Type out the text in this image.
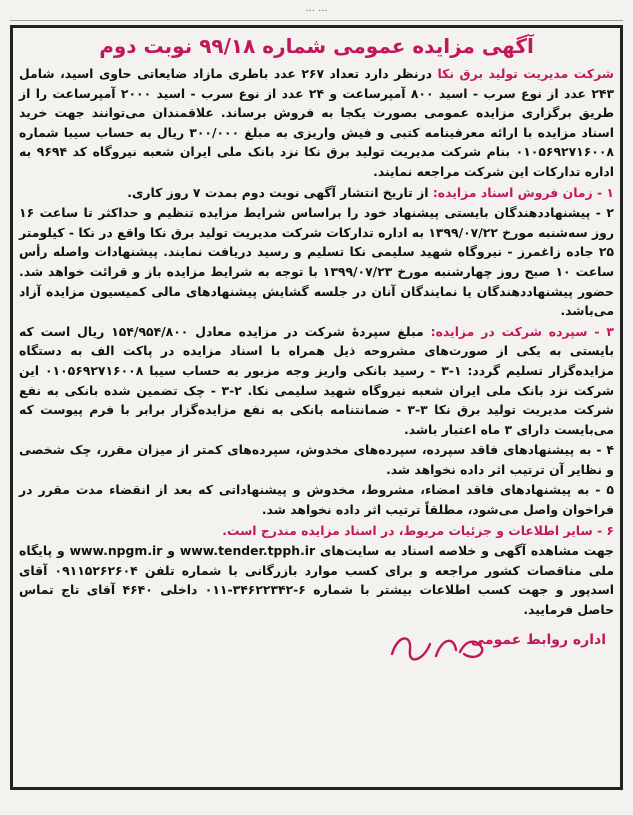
... ...
آگهی مزایده عمومی شماره ۹۹/۱۸ نوبت دوم

شرکت مدیریت تولید برق نکا درنظر دارد تعداد ۲۶۷ عدد باطری مازاد ضایعاتی حاوی اسید، شامل ۲۴۳ عدد از نوع سرب - اسید ۸۰۰ آمپرساعت و ۲۴ عدد از نوع سرب - اسید ۲۰۰۰ آمپرساعت را از طریق برگزاری مزایده عمومی بصورت یکجا به فروش برساند. علاقمندان می‌توانند جهت خرید اسناد مزایده با ارائه معرفینامه کتبی و فیش واریزی به مبلغ ۳۰۰/۰۰۰ ریال به حساب سیبا شماره ۰۱۰۵۶۹۲۷۱۶۰۰۸ بنام شرکت مدیریت تولید برق نکا نزد بانک ملی ایران شعبه نیروگاه کد ۹۶۹۴ به اداره تدارکات این شرکت مراجعه نمایند.

۱ - زمان فروش اسناد مزایده: از تاریخ انتشار آگهی نوبت دوم بمدت ۷ روز کاری.

۲ - پیشنهاددهندگان بایستی پیشنهاد خود را براساس شرایط مزایده تنظیم و حداکثر تا ساعت ۱۶ روز سه‌شنبه مورخ ۱۳۹۹/۰۷/۲۲ به اداره تدارکات شرکت مدیریت تولید برق نکا واقع در نکا - کیلومتر ۲۵ جاده زاغمرز - نیروگاه شهید سلیمی نکا تسلیم و رسید دریافت نمایند. پیشنهادات واصله رأس ساعت ۱۰ صبح روز چهارشنبه مورخ ۱۳۹۹/۰۷/۲۳ با توجه به شرایط مزایده باز و قرائت خواهد شد. حضور پیشنهاددهندگان یا نمایندگان آنان در جلسه گشایش پیشنهادهای مالی کمیسیون مزایده آزاد می‌باشد.

۳ - سپرده شرکت در مزایده: مبلغ سپردهٔ شرکت در مزایده معادل ۱۵۴/۹۵۴/۸۰۰ ریال است که بایستی به یکی از صورت‌های مشروحه ذیل همراه با اسناد مزایده در پاکت الف به دستگاه مزایده‌گزار تسلیم گردد: ۱-۳ - رسید بانکی واریز وجه مزبور به حساب سیبا ۰۱۰۵۶۹۲۷۱۶۰۰۸ این شرکت نزد بانک ملی ایران شعبه نیروگاه شهید سلیمی نکا. ۲-۳ - چک تضمین شده بانکی به نفع شرکت مدیریت تولید برق نکا ۳-۳ - ضمانتنامه بانکی به نفع مزایده‌گزار برابر با فرم پیوست که می‌بایست دارای ۳ ماه اعتبار باشد.

۴ - به پیشنهادهای فاقد سپرده، سپرده‌های مخدوش، سپرده‌های کمتر از میزان مقرر، چک شخصی و نظایر آن ترتیب اثر داده نخواهد شد.

۵ - به پیشنهادهای فاقد امضاء، مشروط، مخدوش و پیشنهاداتی که بعد از انقضاء مدت مقرر در فراخوان واصل می‌شود، مطلقاً ترتیب اثر داده نخواهد شد.

۶ - سایر اطلاعات و جزئیات مربوط، در اسناد مزایده مندرج است.

جهت مشاهده آگهی و خلاصه اسناد به سایت‌های www.tender.tpph.ir و www.npgm.ir و پایگاه ملی مناقصات کشور مراجعه و برای کسب موارد بازرگانی با شماره تلفن ۰۹۱۱۵۲۶۲۶۰۴ آقای اسدپور و جهت کسب اطلاعات بیشتر با شماره ۶-۳۴۶۲۲۳۴۲-۰۱۱ داخلی ۴۶۴۰ آقای تاج تماس حاصل فرمایید.

اداره روابط عمومی
